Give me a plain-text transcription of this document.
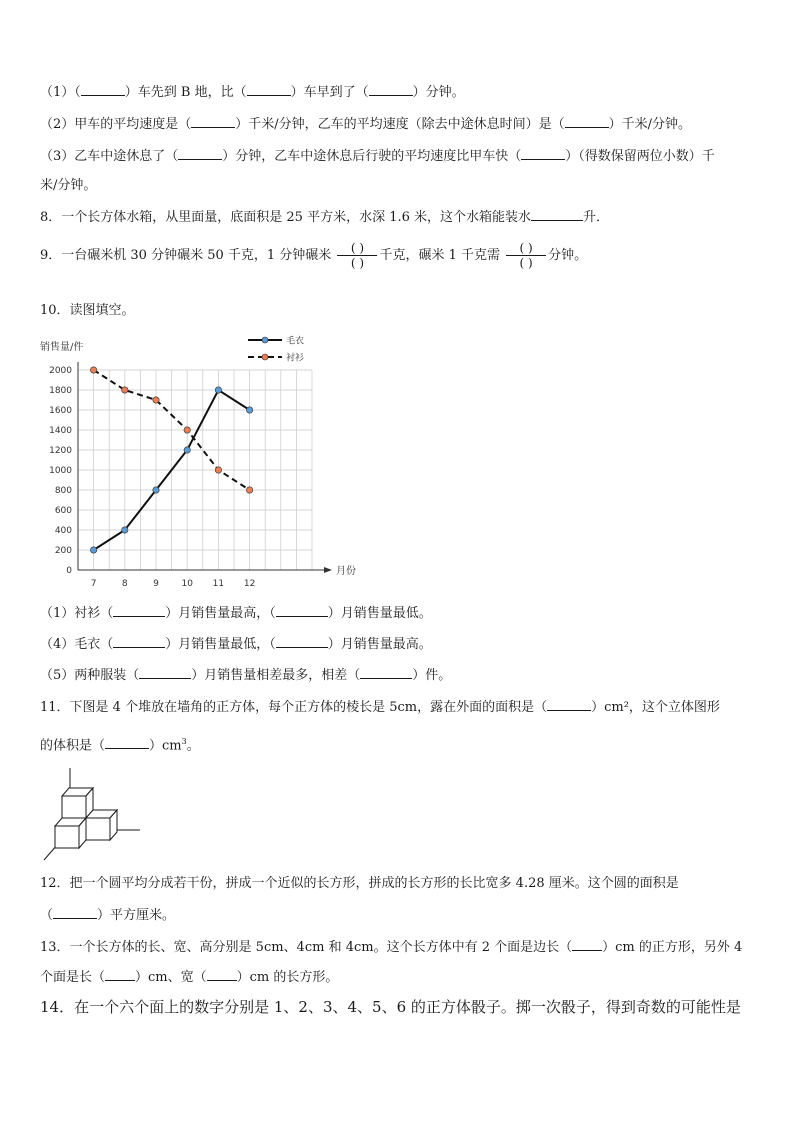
（1）（	）车先到 B 地，比（	）车早到了（	）分钟。
（2）甲车的平均速度是（	）千米/分钟，乙车的平均速度（除去中途休息时间）是（	）千米/分钟。
（3）乙车中途休息了（	）分钟，乙车中途休息后行驶的平均速度比甲车快（	）（得数保留两位小数）千
米/分钟。
8．一个长方体水箱，从里面量，底面积是 25 平方米，水深 1.6 米，这个水箱能装水	升．
9．一台碾米机 30 分钟碾米 50 千克，1 分钟碾米 $\frac{( )}{( )}$ 千克，碾米 1 千克需 $\frac{( )}{( )}$ 分钟。
10．读图填空。
0
200
400
600
800
1000
1200
1400
1600
1800
2000
7	8	9	10 11 12
销售量/件
月份
毛衣
衬衫
（1）衬衫（	）月销售量最高，（	）月销售量最低。
（4）毛衣（	）月销售量最低，（	）月销售量最高。
（5）两种服装（	）月销售量相差最多，相差（	）件。
11．下图是 4 个堆放在墙角的正方体，每个正方体的棱长是 5cm，露在外面的面积是（	）cm²，这个立体图形
的体积是（	）$cm^3$。
12．把一个圆平均分成若干份，拼成一个近似的长方形，拼成的长方形的长比宽多 4.28 厘米。这个圆的面积是
（	）平方厘米。
13．一个长方体的长、宽、高分别是 5cm、4cm 和 4cm。这个长方体中有 2 个面是边长（ ）cm 的正方形，另外 4
个面是长（ ）cm、宽（ ）cm 的长方形。
14．在一个六个面上的数字分别是 1、2、3、4、5、6 的正方体骰子。掷一次骰子，得到奇数的可能性是
